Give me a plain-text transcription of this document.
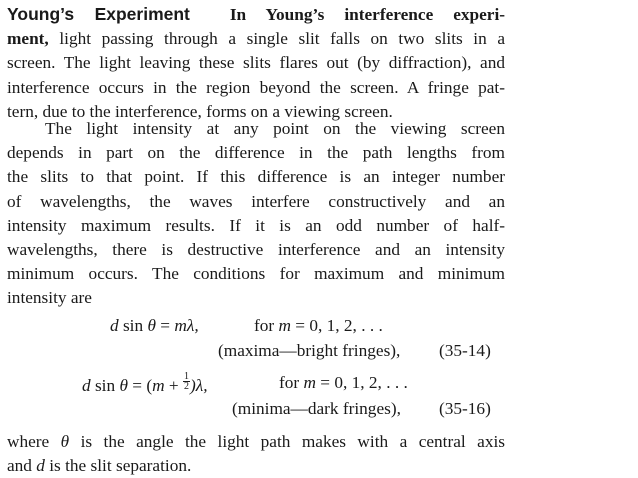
Young’s Experiment In Young’s interference experi-
ment, light passing through a single slit falls on two slits in a
screen. The light leaving these slits flares out (by diffraction), and
interference occurs in the region beyond the screen. A fringe pat-
tern, due to the interference, forms on a viewing screen.
The light intensity at any point on the viewing screen
depends in part on the difference in the path lengths from
the slits to that point. If this difference is an integer number
of wavelengths, the waves interfere constructively and an
intensity maximum results. If it is an odd number of half-
wavelengths, there is destructive interference and an intensity
minimum occurs. The conditions for maximum and minimum
intensity are
d sin θ = mλ,	for m = 0, 1, 2, . . .
(maxima—bright fringes), (35-14)
d $\sin \theta = (m + \frac{1}{2} )\lambda$,	for m = 0, 1, 2, . . .
(minima—dark fringes), (35-16)
where θ is the angle the light path makes with a central axis
and d is the slit separation.
